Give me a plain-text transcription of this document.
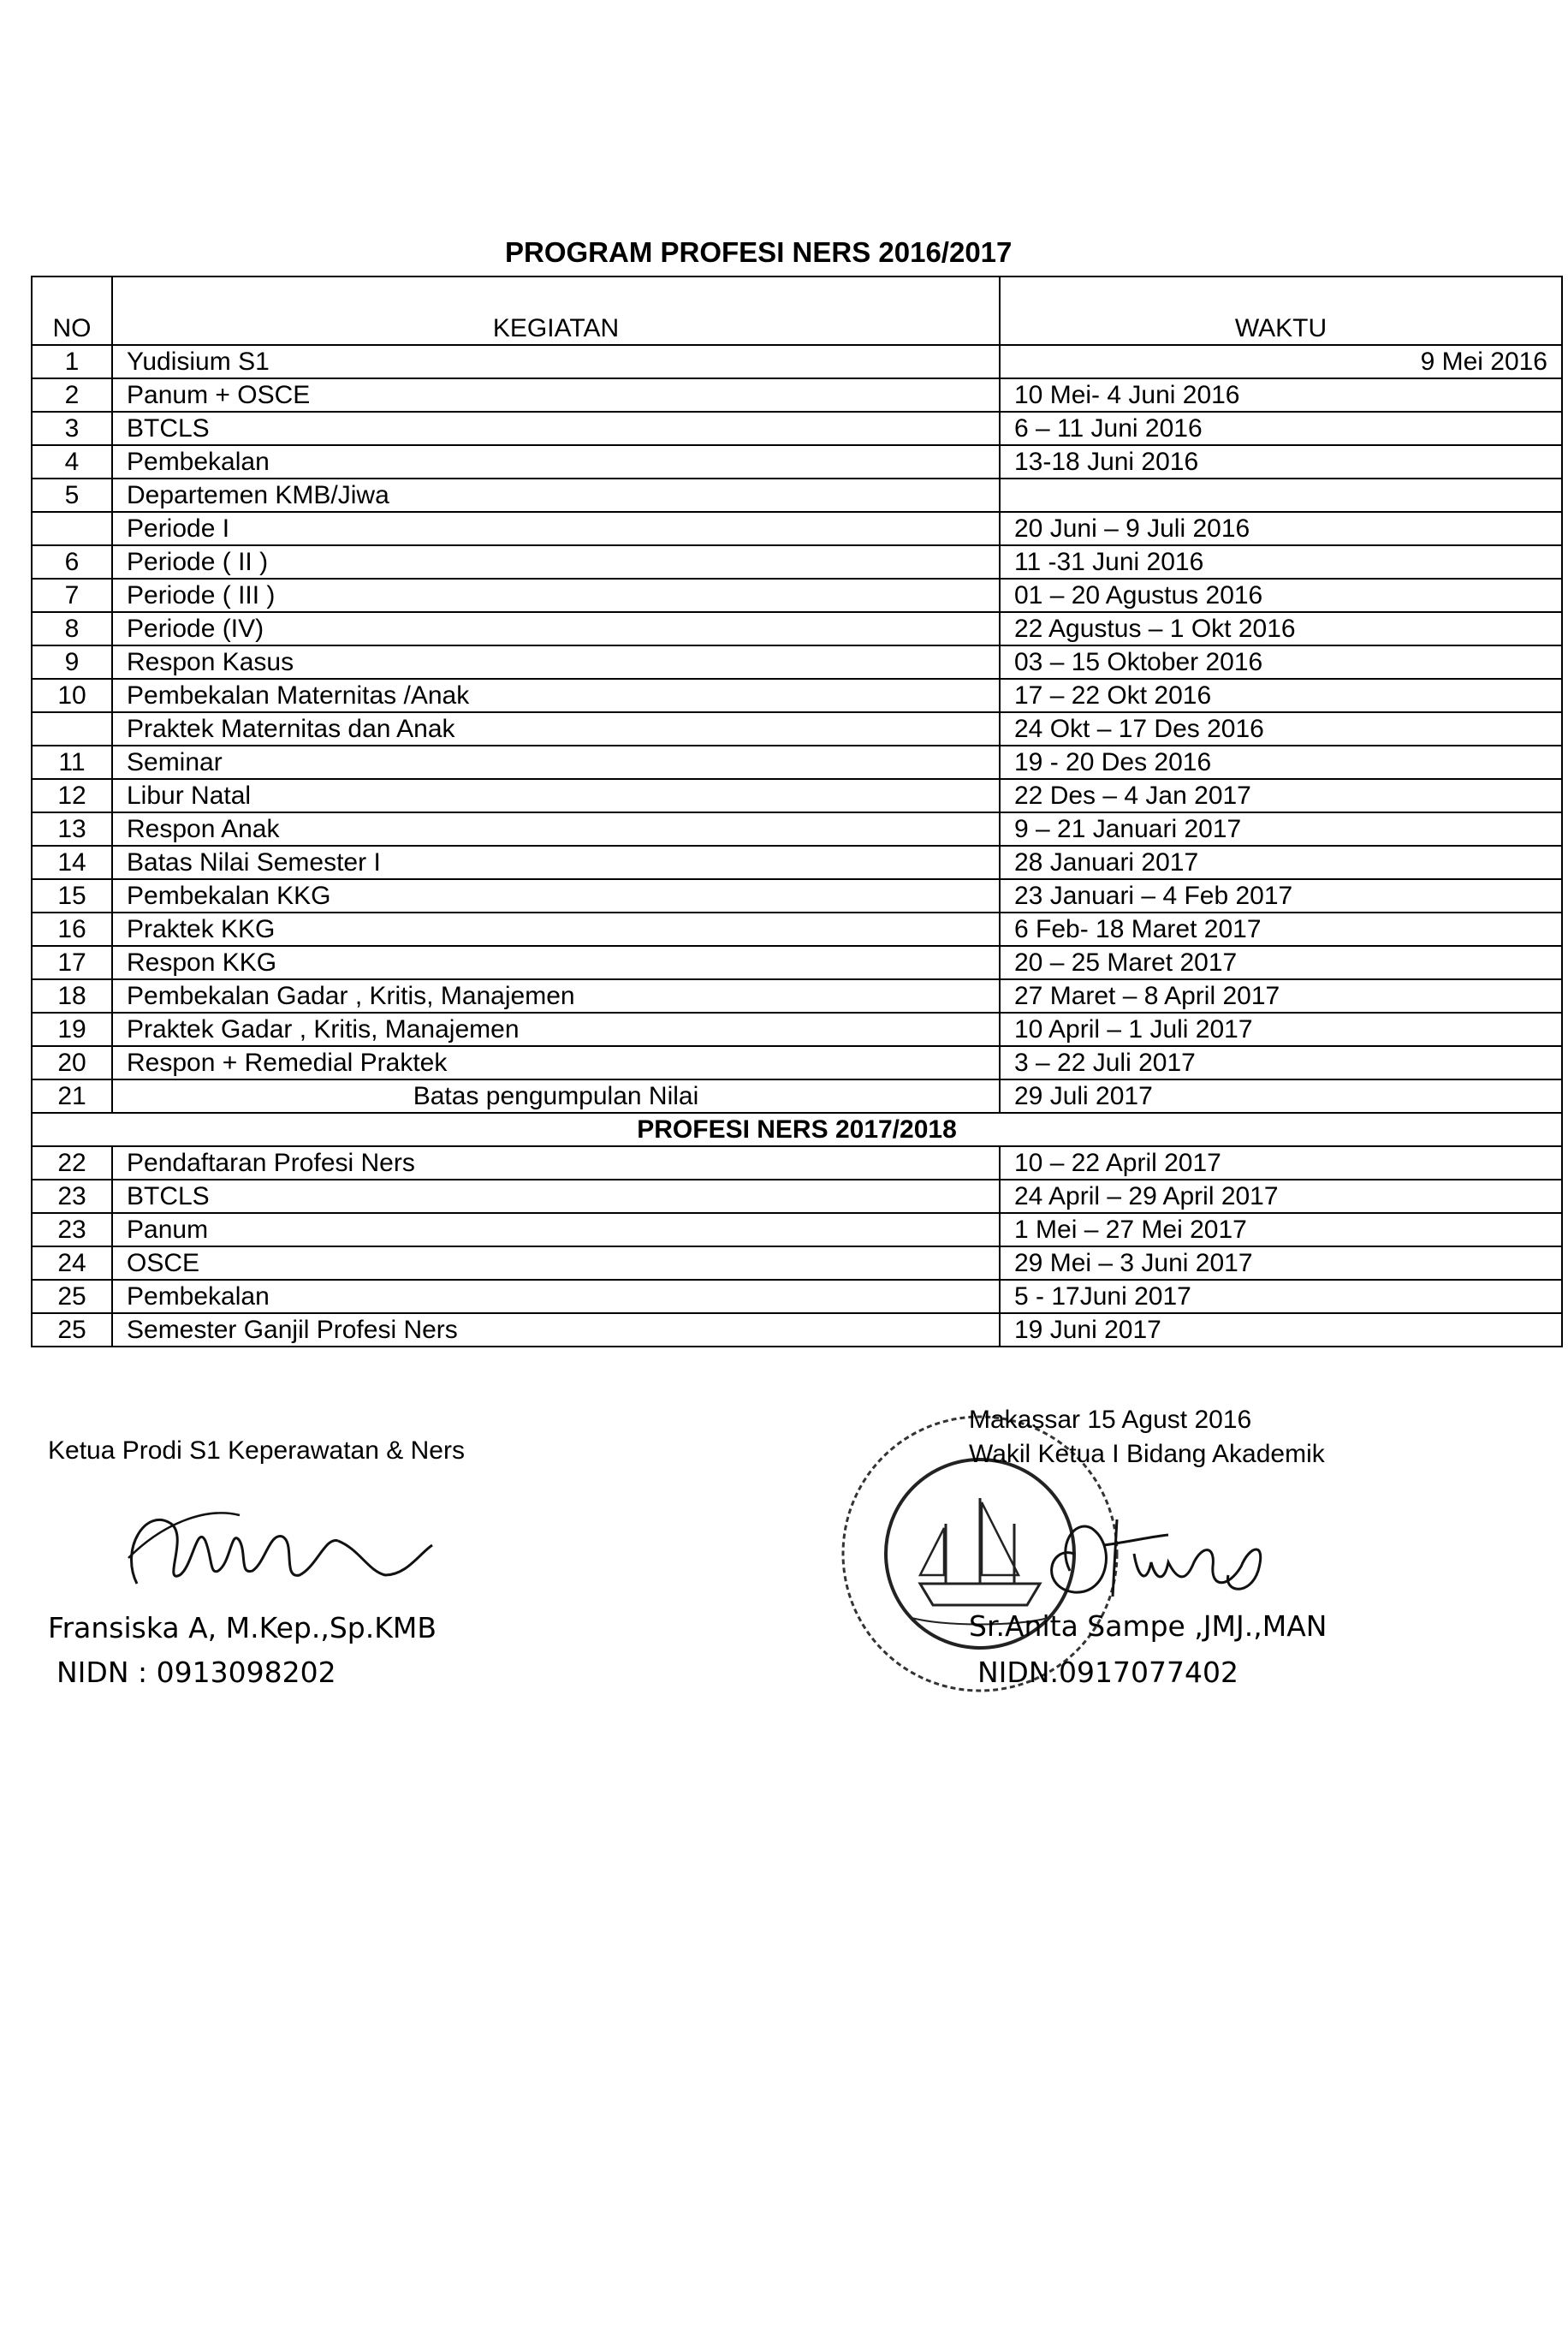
PROGRAM PROFESI NERS 2016/2017
NO	KEGIATAN	WAKTU
1	Yudisium S1	9 Mei 2016
2	Panum + OSCE	10 Mei- 4 Juni 2016
3	BTCLS	6 – 11 Juni 2016
4	Pembekalan	13-18 Juni 2016
5	Departemen KMB/Jiwa	
	Periode I	20 Juni – 9 Juli 2016
6	Periode ( II )	11 -31 Juni 2016
7	Periode ( III )	01 – 20 Agustus 2016
8	Periode (IV)	22 Agustus – 1 Okt 2016
9	Respon Kasus	03 – 15 Oktober 2016
10	Pembekalan Maternitas /Anak	17 – 22 Okt 2016
	Praktek Maternitas dan Anak	24 Okt – 17 Des 2016
11	Seminar	19 - 20 Des 2016
12	Libur Natal	22 Des – 4 Jan 2017
13	Respon Anak	9 – 21 Januari 2017
14	Batas Nilai Semester I	28 Januari 2017
15	Pembekalan KKG	23 Januari – 4 Feb 2017
16	Praktek KKG	6 Feb- 18 Maret 2017
17	Respon KKG	20 – 25 Maret 2017
18	Pembekalan Gadar , Kritis, Manajemen	27 Maret – 8 April 2017
19	Praktek Gadar , Kritis, Manajemen	10 April – 1 Juli 2017
20	Respon + Remedial Praktek	3 – 22 Juli 2017
21	Batas pengumpulan Nilai	29 Juli 2017
PROFESI NERS 2017/2018		
22	Pendaftaran Profesi Ners	10 – 22 April 2017
23	BTCLS	24 April – 29 April 2017
23	Panum	1 Mei – 27 Mei 2017
24	OSCE	29 Mei – 3 Juni 2017
25	Pembekalan	5 - 17Juni 2017
25	Semester Ganjil Profesi Ners	19 Juni 2017
Ketua Prodi S1 Keperawatan & Ners
Fransiska A, M.Kep.,Sp.KMB
NIDN : 0913098202
Makassar 15 Agust 2016
Wakil Ketua I Bidang Akademik
Sr.Anita Sampe ,JMJ.,MAN
NIDN.0917077402
